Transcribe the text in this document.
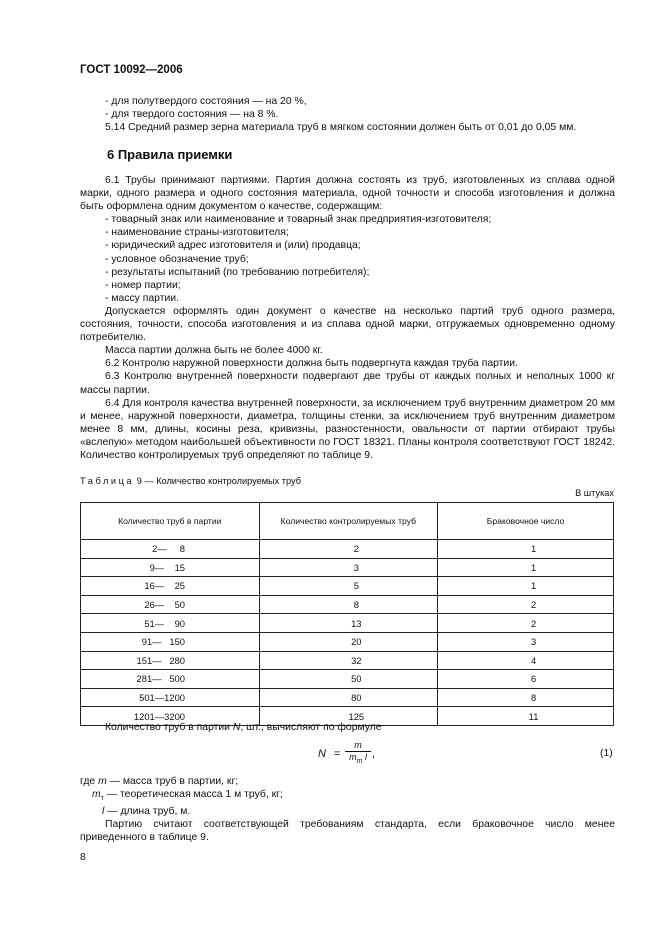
ГОСТ 10092—2006
- для полутвердого состояния — на 20 %,
- для твердого состояния — на 8 %.
5.14 Средний размер зерна материала труб в мягком состоянии должен быть от 0,01 до 0,05 мм.
6 Правила приемки

6.1 Трубы принимают партиями. Партия должна состоять из труб, изготовленных из сплава одной марки, одного размера и одного состояния материала, одной точности и способа изготовления и должна быть оформлена одним документом о качестве, содержащим:

- товарный знак или наименование и товарный знак предприятия-изготовителя;
- наименование страны-изготовителя;
- юридический адрес изготовителя и (или) продавца;
- условное обозначение труб;
- результаты испытаний (по требованию потребителя);
- номер партии;
- массу партии.

Допускается оформлять один документ о качестве на несколько партий труб одного размера, состояния, точности, способа изготовления и из сплава одной марки, отгружаемых одновременно одному потребителю.

Масса партии должна быть не более 4000 кг.
6.2 Контролю наружной поверхности должна быть подвергнута каждая труба партии.

6.3 Контролю внутренней поверхности подвергают две трубы от каждых полных и неполных 1000 кг массы партии.

6.4 Для контроля качества внутренней поверхности, за исключением труб внутренним диаметром 20 мм и менее, наружной поверхности, диаметра, толщины стенки, за исключением труб внутренним диаметром менее 8 мм, длины, косины реза, кривизны, разностенности, овальности от партии отбирают трубы «вслепую» методом наибольшей объективности по ГОСТ 18321. Планы контроля соответствуют ГОСТ 18242. Количество контролируемых труб определяют по таблице 9.

Таблица 9 — Количество контролируемых труб
В штуках
Количество труб в партии	Количество контролируемых труб	Браковочное число
2—     8	2	1
9—    15	3	1
16—    25	5	1
26—    50	8	2
51—    90	13	2
91—   150	20	3
151—   280	32	4
281—   500	50	6
501—1200	80	8
1201—3200	125	11
Количество труб в партии N, шт., вычисляют по формуле
N =
m
$m_т$ l ,	(1)
где m — масса труб в партии, кг;
$m_т$ — теоретическая масса 1 м труб, кг;
l — длина труб, м.

Партию считают соответствующей требованиям стандарта, если браковочное число менее приведенного в таблице 9.

8
